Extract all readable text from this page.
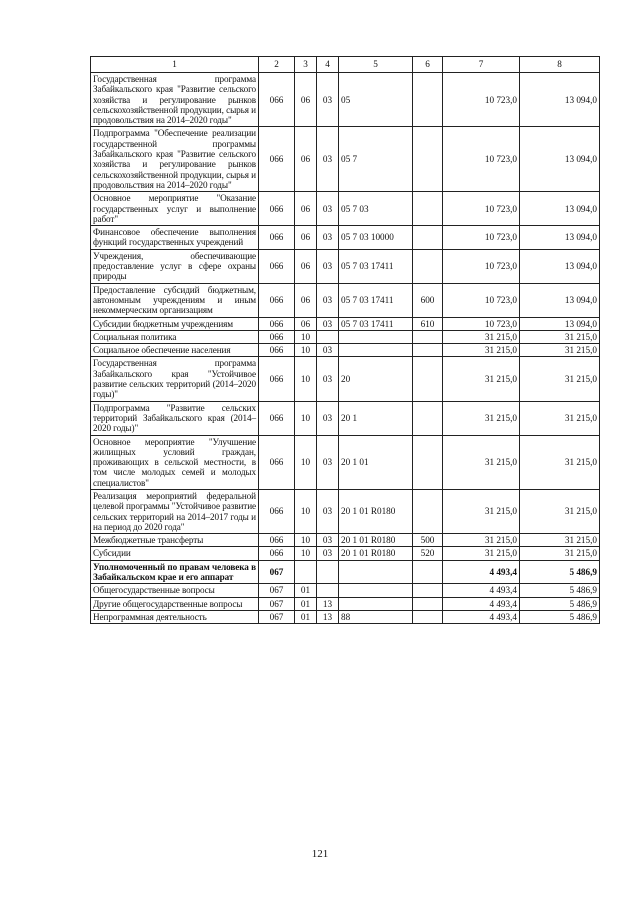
1	2	3	4	5	6	7	8
Государственная программа Забайкальского края "Развитие сельского хозяйства и регулирование рынков сельскохозяйственной продукции, сырья и продовольствия на 2014–2020 годы"	066	06	03	05		10 723,0	13 094,0
Подпрограмма "Обеспечение реализации государственной программы Забайкальского края "Развитие сельского хозяйства и регулирование рынков сельскохозяйственной продукции, сырья и продовольствия на 2014–2020 годы"	066	06	03	05 7		10 723,0	13 094,0
Основное мероприятие "Оказание государственных услуг и выполнение работ"	066	06	03	05 7 03		10 723,0	13 094,0
Финансовое обеспечение выполнения функций государственных учреждений	066	06	03	05 7 03 10000		10 723,0	13 094,0
Учреждения, обеспечивающие предоставление услуг в сфере охраны природы	066	06	03	05 7 03 17411		10 723,0	13 094,0
Предоставление субсидий бюджетным, автономным учреждениям и иным некоммерческим организациям	066	06	03	05 7 03 17411	600	10 723,0	13 094,0
Субсидии бюджетным учреждениям	066	06	03	05 7 03 17411	610	10 723,0	13 094,0
Социальная политика	066	10				31 215,0	31 215,0
Социальное обеспечение населения	066	10	03			31 215,0	31 215,0
Государственная программа Забайкальского края "Устойчивое развитие сельских территорий (2014–2020 годы)"	066	10	03	20		31 215,0	31 215,0
Подпрограмма "Развитие сельских территорий Забайкальского края (2014–2020 годы)"	066	10	03	20 1		31 215,0	31 215,0
Основное мероприятие "Улучшение жилищных условий граждан, проживающих в сельской местности, в том числе молодых семей и молодых специалистов"	066	10	03	20 1 01		31 215,0	31 215,0
Реализация мероприятий федеральной целевой программы "Устойчивое развитие сельских территорий на 2014–2017 годы и на период до 2020 года"	066	10	03	20 1 01 R0180		31 215,0	31 215,0
Межбюджетные трансферты	066	10	03	20 1 01 R0180	500	31 215,0	31 215,0
Субсидии	066	10	03	20 1 01 R0180	520	31 215,0	31 215,0
Уполномоченный по правам человека в Забайкальском крае и его аппарат	067					4 493,4	5 486,9
Общегосударственные вопросы	067	01				4 493,4	5 486,9
Другие общегосударственные вопросы	067	01	13			4 493,4	5 486,9
Непрограммная деятельность	067	01	13	88		4 493,4	5 486,9
121
